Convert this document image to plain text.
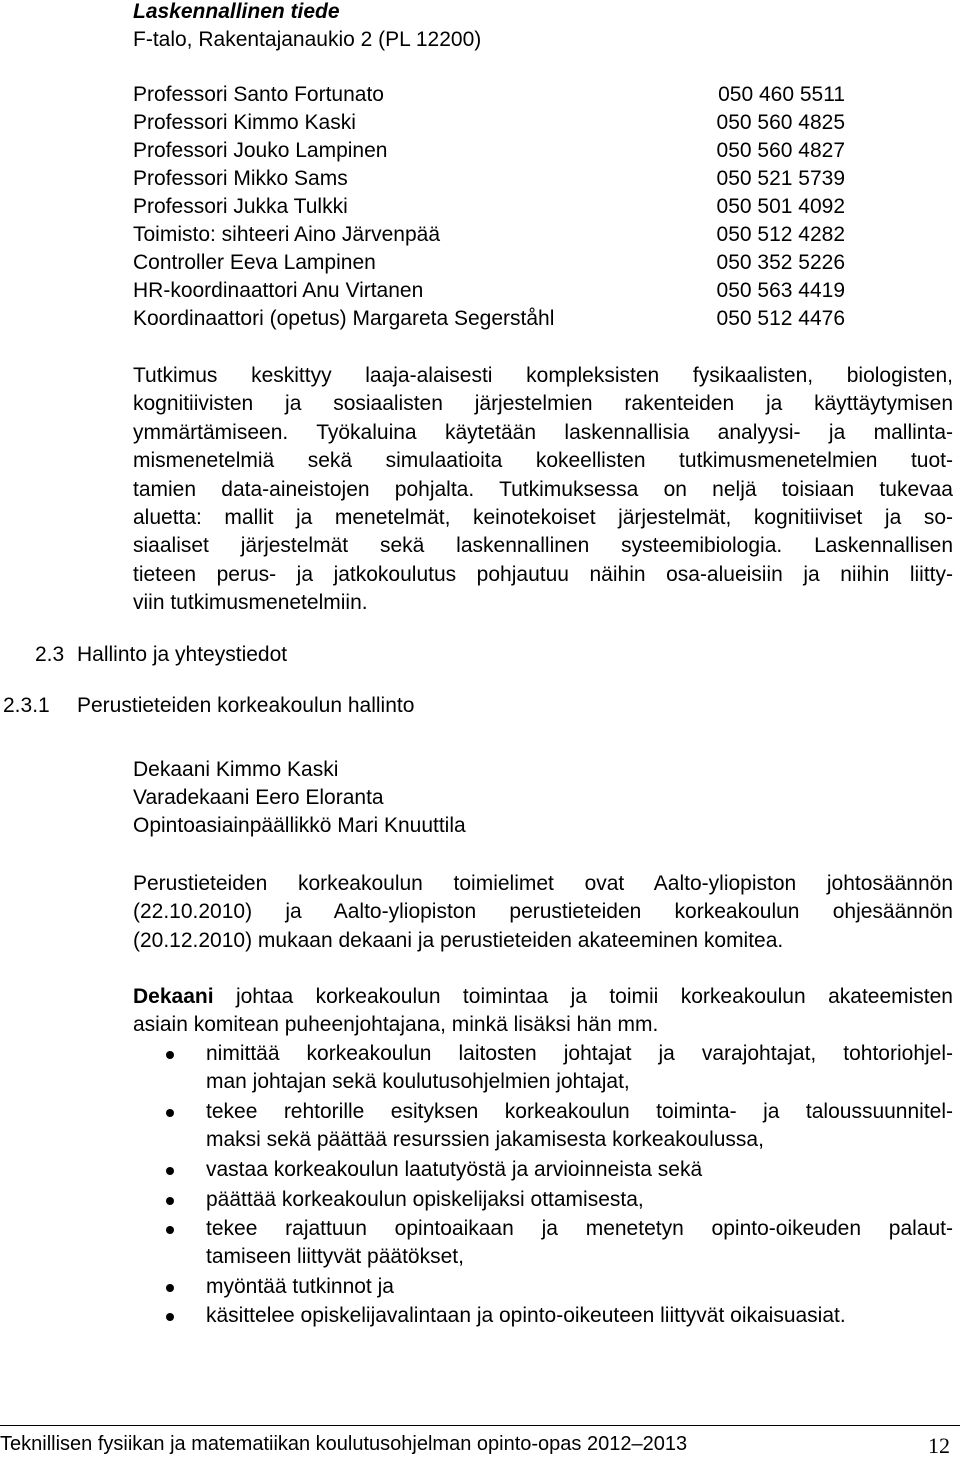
Laskennallinen tiede
F-talo, Rakentajanaukio 2 (PL 12200)
Professori Santo Fortunato	050 460 5511
Professori Kimmo Kaski	050 560 4825
Professori Jouko Lampinen	050 560 4827
Professori Mikko Sams	050 521 5739
Professori Jukka Tulkki	050 501 4092
Toimisto: sihteeri Aino Järvenpää	050 512 4282
Controller Eeva Lampinen	050 352 5226
HR-koordinaattori Anu Virtanen	050 563 4419
Koordinaattori (opetus) Margareta Segerståhl	050 512 4476
Tutkimus keskittyy laaja-alaisesti kompleksisten fysikaalisten, biologisten,
kognitiivisten ja sosiaalisten järjestelmien rakenteiden ja käyttäytymisen
ymmärtämiseen. Työkaluina käytetään laskennallisia analyysi- ja mallinta-
mismenetelmiä sekä simulaatioita kokeellisten tutkimusmenetelmien tuot-
tamien data-aineistojen pohjalta. Tutkimuksessa on neljä toisiaan tukevaa
aluetta: mallit ja menetelmät, keinotekoiset järjestelmät, kognitiiviset ja so-
siaaliset järjestelmät sekä laskennallinen systeemibiologia. Laskennallisen
tieteen perus- ja jatkokoulutus pohjautuu näihin osa-alueisiin ja niihin liitty-
viin tutkimusmenetelmiin.
2.3 Hallinto ja yhteystiedot
2.3.1 Perustieteiden korkeakoulun hallinto
Dekaani Kimmo Kaski
Varadekaani Eero Eloranta
Opintoasiainpäällikkö Mari Knuuttila
Perustieteiden korkeakoulun toimielimet ovat Aalto-yliopiston johtosäännön
(22.10.2010) ja Aalto-yliopiston perustieteiden korkeakoulun ohjesäännön
(20.12.2010) mukaan dekaani ja perustieteiden akateeminen komitea.
Dekaani johtaa korkeakoulun toimintaa ja toimii korkeakoulun akateemisten
asiain komitean puheenjohtajana, minkä lisäksi hän mm.
nimittää korkeakoulun laitosten johtajat ja varajohtajat, tohtoriohjel-
man johtajan sekä koulutusohjelmien johtajat,
tekee rehtorille esityksen korkeakoulun toiminta- ja taloussuunnitel-
maksi sekä päättää resurssien jakamisesta korkeakoulussa,
vastaa korkeakoulun laatutyöstä ja arvioinneista sekä
päättää korkeakoulun opiskelijaksi ottamisesta,
tekee rajattuun opintoaikaan ja menetetyn opinto-oikeuden palaut-
tamiseen liittyvät päätökset,
myöntää tutkinnot ja
käsittelee opiskelijavalintaan ja opinto-oikeuteen liittyvät oikaisuasiat.
Teknillisen fysiikan ja matematiikan koulutusohjelman opinto-opas 2012–2013	12
